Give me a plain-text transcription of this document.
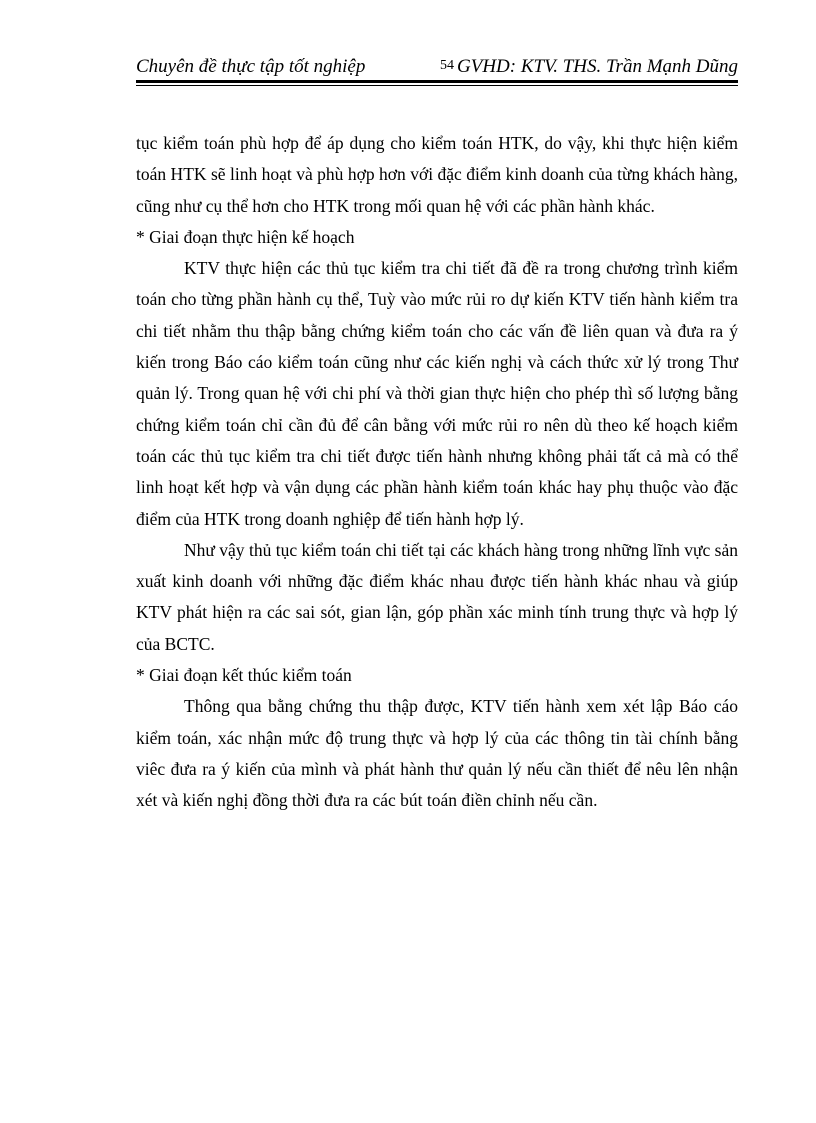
Chuyên đề thực tập tốt nghiệp	54 GVHD: KTV. THS. Trần Mạnh Dũng

tục kiểm toán phù hợp để áp dụng cho kiểm toán HTK, do vậy, khi thực hiện kiểm toán HTK sẽ linh hoạt và phù hợp hơn với đặc điểm kinh doanh của từng khách hàng, cũng như cụ thể hơn cho HTK trong mối quan hệ với các phần hành khác.

* Giai đoạn thực hiện kế hoạch

KTV thực hiện các thủ tục kiểm tra chi tiết đã đề ra trong chương trình kiểm toán cho từng phần hành cụ thể, Tuỳ vào mức rủi ro dự kiến KTV tiến hành kiểm tra chi tiết nhằm thu thập bằng chứng kiểm toán cho các vấn đề liên quan và đưa ra ý kiến trong Báo cáo kiểm toán cũng như các kiến nghị và cách thức xử lý trong Thư quản lý. Trong quan hệ với chi phí và thời gian thực hiện cho phép thì số lượng bằng chứng kiểm toán chỉ cần đủ để cân bằng với mức rủi ro nên dù theo kế hoạch kiểm toán các thủ tục kiểm tra chi tiết được tiến hành nhưng không phải tất cả mà có thể linh hoạt kết hợp và vận dụng các phần hành kiểm toán khác hay phụ thuộc vào đặc điểm của HTK trong doanh nghiệp để tiến hành hợp lý.

Như vậy thủ tục kiểm toán chi tiết tại các khách hàng trong những lĩnh vực sản xuất kinh doanh với những đặc điểm khác nhau được tiến hành khác nhau và giúp KTV phát hiện ra các sai sót, gian lận, góp phần xác minh tính trung thực và hợp lý của BCTC.

* Giai đoạn kết thúc kiểm toán

Thông qua bằng chứng thu thập được, KTV tiến hành xem xét lập Báo cáo kiểm toán, xác nhận mức độ trung thực và hợp lý của các thông tin tài chính bằng viêc đưa ra ý kiến của mình và phát hành thư quản lý nếu cần thiết để nêu lên nhận xét và kiến nghị đồng thời đưa ra các bút toán điền chỉnh nếu cần.
